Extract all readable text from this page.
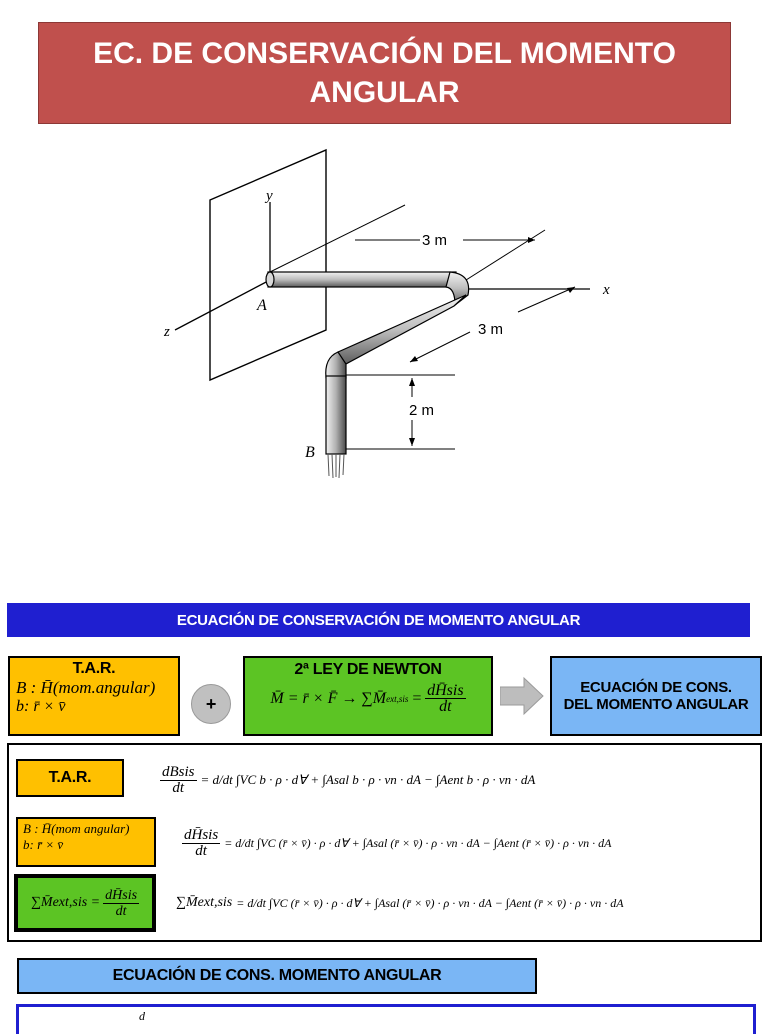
EC. DE CONSERVACIÓN DEL MOMENTO ANGULAR
y
z
x
3 m
3 m
2 m
A
B
ECUACIÓN DE CONSERVACIÓN DE MOMENTO ANGULAR
T.A.R.
B : H̄(mom.angular)
b: r̄ × v̄	+
2ª LEY DE NEWTON
M̄ = r̄ × F̄ → ∑M̄ $ext,sis = \frac{\text{dH̄sis}}{dt}$	ECUACIÓN DE CONS.
DEL MOMENTO ANGULAR
T.A.R.	$\frac{\text{dBsis}}{dt} = d/dt$ ∫VC b · ρ · d∀ + ∫Asal b · ρ · vn · dA − ∫Aent b · ρ · vn · dA
B : H̄(mom angular)
b: r̄ × v̄	$\frac{\text{dH̄sis}}{dt} = d/dt$ ∫VC (r̄ × v̄) · ρ · d∀ + ∫Asal (r̄ × v̄) · ρ · vn · dA − ∫Aent (r̄ × v̄) · ρ · vn · dA
∑M̄ext,sis = $\frac{\text{dH̄sis}}{dt}$	∑M̄ext,sis = d/dt ∫VC (r̄ × v̄) · ρ · d∀ + ∫Asal (r̄ × v̄) · ρ · vn · dA − ∫Aent (r̄ × v̄) · ρ · vn · dA
ECUACIÓN DE CONS. MOMENTO ANGULAR
d
